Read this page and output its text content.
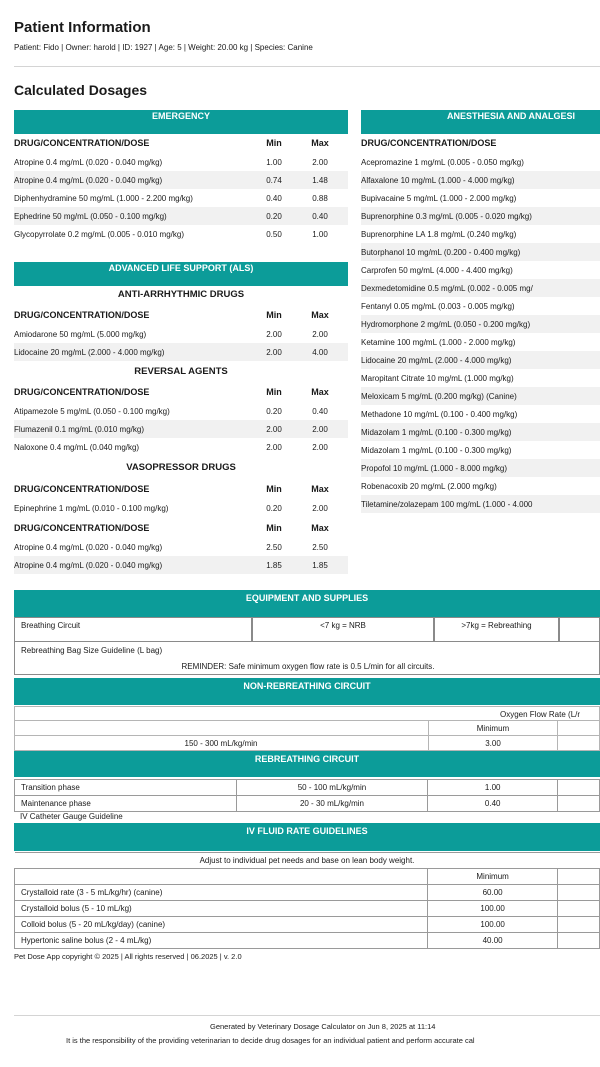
Patient Information
Patient: Fido | Owner: harold | ID: 1927 | Age: 5 | Weight: 20.00 kg | Species: Canine
Calculated Dosages
EMERGENCY
DRUG/CONCENTRATION/DOSE	Min	Max
Atropine 0.4 mg/mL (0.020 - 0.040 mg/kg)	1.00	2.00
Atropine 0.4 mg/mL (0.020 - 0.040 mg/kg)	0.74	1.48
Diphenhydramine 50 mg/mL (1.000 - 2.200 mg/kg)	0.40	0.88
Ephedrine 50 mg/mL (0.050 - 0.100 mg/kg)	0.20	0.40
Glycopyrrolate 0.2 mg/mL (0.005 - 0.010 mg/kg)	0.50	1.00
ADVANCED LIFE SUPPORT (ALS)
ANTI-ARRHYTHMIC DRUGS
DRUG/CONCENTRATION/DOSE	Min	Max
Amiodarone 50 mg/mL (5.000 mg/kg)	2.00	2.00
Lidocaine 20 mg/mL (2.000 - 4.000 mg/kg)	2.00	4.00
REVERSAL AGENTS
DRUG/CONCENTRATION/DOSE	Min	Max
Atipamezole 5 mg/mL (0.050 - 0.100 mg/kg)	0.20	0.40
Flumazenil 0.1 mg/mL (0.010 mg/kg)	2.00	2.00
Naloxone 0.4 mg/mL (0.040 mg/kg)	2.00	2.00
VASOPRESSOR DRUGS
DRUG/CONCENTRATION/DOSE	Min	Max
Epinephrine 1 mg/mL (0.010 - 0.100 mg/kg)	0.20	2.00
DRUG/CONCENTRATION/DOSE	Min	Max
Atropine 0.4 mg/mL (0.020 - 0.040 mg/kg)	2.50	2.50
Atropine 0.4 mg/mL (0.020 - 0.040 mg/kg)	1.85	1.85
ANESTHESIA AND ANALGESI
DRUG/CONCENTRATION/DOSE
Acepromazine 1 mg/mL (0.005 - 0.050 mg/kg)
Alfaxalone 10 mg/mL (1.000 - 4.000 mg/kg)
Bupivacaine 5 mg/mL (1.000 - 2.000 mg/kg)
Buprenorphine 0.3 mg/mL (0.005 - 0.020 mg/kg)
Buprenorphine LA 1.8 mg/mL (0.240 mg/kg)
Butorphanol 10 mg/mL (0.200 - 0.400 mg/kg)
Carprofen 50 mg/mL (4.000 - 4.400 mg/kg)
Dexmedetomidine 0.5 mg/mL (0.002 - 0.005 mg/
Fentanyl 0.05 mg/mL (0.003 - 0.005 mg/kg)
Hydromorphone 2 mg/mL (0.050 - 0.200 mg/kg)
Ketamine 100 mg/mL (1.000 - 2.000 mg/kg)
Lidocaine 20 mg/mL (2.000 - 4.000 mg/kg)
Maropitant Citrate 10 mg/mL (1.000 mg/kg)
Meloxicam 5 mg/mL (0.200 mg/kg) (Canine)
Methadone 10 mg/mL (0.100 - 0.400 mg/kg)
Midazolam 1 mg/mL (0.100 - 0.300 mg/kg)
Midazolam 1 mg/mL (0.100 - 0.300 mg/kg)
Propofol 10 mg/mL (1.000 - 8.000 mg/kg)
Robenacoxib 20 mg/mL (2.000 mg/kg)
Tiletamine/zolazepam 100 mg/mL (1.000 - 4.000
EQUIPMENT AND SUPPLIES
Breathing Circuit	<7 kg = NRB	>7kg = Rebreathing
Rebreathing Bag Size Guideline (L bag)
REMINDER: Safe minimum oxygen flow rate is 0.5 L/min for all circuits.
NON-REBREATHING CIRCUIT
Oxygen Flow Rate (L/r
Minimum
150 - 300 mL/kg/min	3.00
REBREATHING CIRCUIT
Transition phase	50 - 100 mL/kg/min	1.00	
Maintenance phase	20 - 30 mL/kg/min	0.40	
IV Catheter Gauge Guideline
IV FLUID RATE GUIDELINES
Adjust to individual pet needs and base on lean body weight.		
	Minimum	
Crystalloid rate (3 - 5 mL/kg/hr) (canine)	60.00	
Crystalloid bolus (5 - 10 mL/kg)	100.00	
Colloid bolus (5 - 20 mL/kg/day) (canine)	100.00	
Hypertonic saline bolus (2 - 4 mL/kg)	40.00	
Pet Dose App copyright © 2025 | All rights reserved | 06.2025 | v. 2.0
Generated by Veterinary Dosage Calculator on Jun 8, 2025 at 11:14
It is the responsibility of the providing veterinarian to decide drug dosages for an individual patient and perform accurate cal
